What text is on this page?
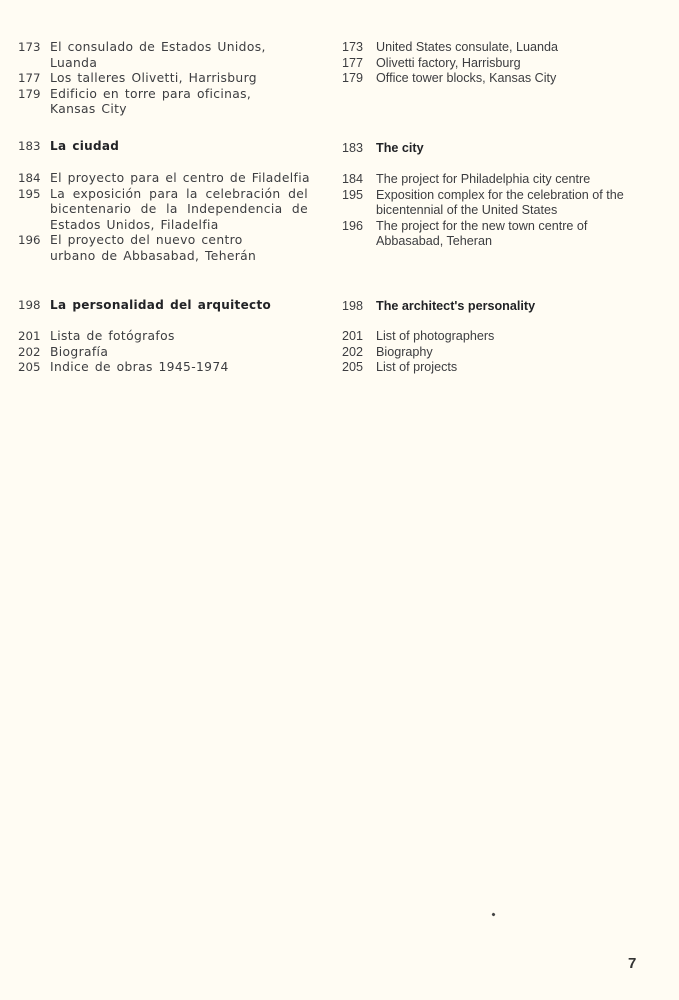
173 El consulado de Estados Unidos, Luanda
177 Los talleres Olivetti, Harrisburg
179 Edificio en torre para oficinas, Kansas City
183 La ciudad
184 El proyecto para el centro de Filadelfia
195 La exposición para la celebración del bicentenario de la Independencia de Estados Unidos, Filadelfia
196 El proyecto del nuevo centro urbano de Abbasabad, Teherán
198 La personalidad del arquitecto
201 Lista de fotógrafos
202 Biografía
205 Indice de obras 1945-1974
173	United States consulate, Luanda
177	Olivetti factory, Harrisburg
179	Office tower blocks, Kansas City
183	The city
184	The project for Philadelphia city centre
195	Exposition complex for the celebration of the bicentennial of the United States
196	The project for the new town centre of Abbasabad, Teheran
198	The architect's personality
201	List of photographers
202	Biography
205	List of projects
7
